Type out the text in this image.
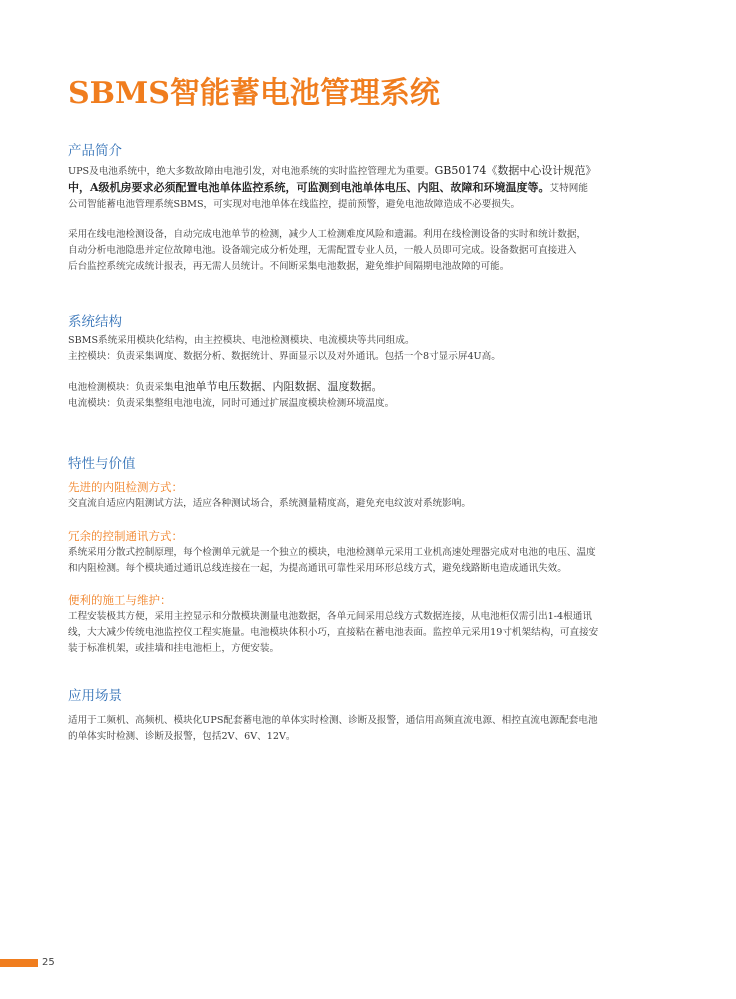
SBMS智能蓄电池管理系统
产品简介
UPS及电池系统中，绝大多数故障由电池引发，对电池系统的实时监控管理尤为重要。GB50174《数据中心设计规范》
中，A级机房要求必须配置电池单体监控系统，可监测到电池单体电压、内阻、故障和环境温度等。艾特网能
公司智能蓄电池管理系统SBMS，可实现对电池单体在线监控，提前预警，避免电池故障造成不必要损失。
采用在线电池检测设备，自动完成电池单节的检测，减少人工检测难度风险和遗漏。利用在线检测设备的实时和统计数据，
自动分析电池隐患并定位故障电池。设备端完成分析处理，无需配置专业人员，一般人员即可完成。设备数据可直接进入
后台监控系统完成统计报表，再无需人员统计。不间断采集电池数据，避免维护间隔期电池故障的可能。
系统结构
SBMS系统采用模块化结构，由主控模块、电池检测模块、电流模块等共同组成。
主控模块：负责采集调度、数据分析、数据统计、界面显示以及对外通讯。包括一个8寸显示屏4U高。
电池检测模块：负责采集电池单节电压数据、内阻数据、温度数据。
电流模块：负责采集整组电池电流，同时可通过扩展温度模块检测环境温度。
特性与价值
先进的内阻检测方式：
交直流自适应内阻测试方法，适应各种测试场合，系统测量精度高，避免充电纹波对系统影响。
冗余的控制通讯方式：
系统采用分散式控制原理，每个检测单元就是一个独立的模块，电池检测单元采用工业机高速处理器完成对电池的电压、温度
和内阻检测。每个模块通过通讯总线连接在一起，为提高通讯可靠性采用环形总线方式，避免线路断电造成通讯失效。
便利的施工与维护：
工程安装极其方便，采用主控显示和分散模块测量电池数据，各单元间采用总线方式数据连接，从电池柜仅需引出1-4根通讯
线，大大减少传统电池监控仪工程实施量。电池模块体积小巧，直接粘在蓄电池表面。监控单元采用19寸机架结构，可直接安
装于标准机架，或挂墙和挂电池柜上，方便安装。
应用场景
适用于工频机、高频机、模块化UPS配套蓄电池的单体实时检测、诊断及报警，通信用高频直流电源、相控直流电源配套电池
的单体实时检测、诊断及报警，包括2V、6V、12V。
25
